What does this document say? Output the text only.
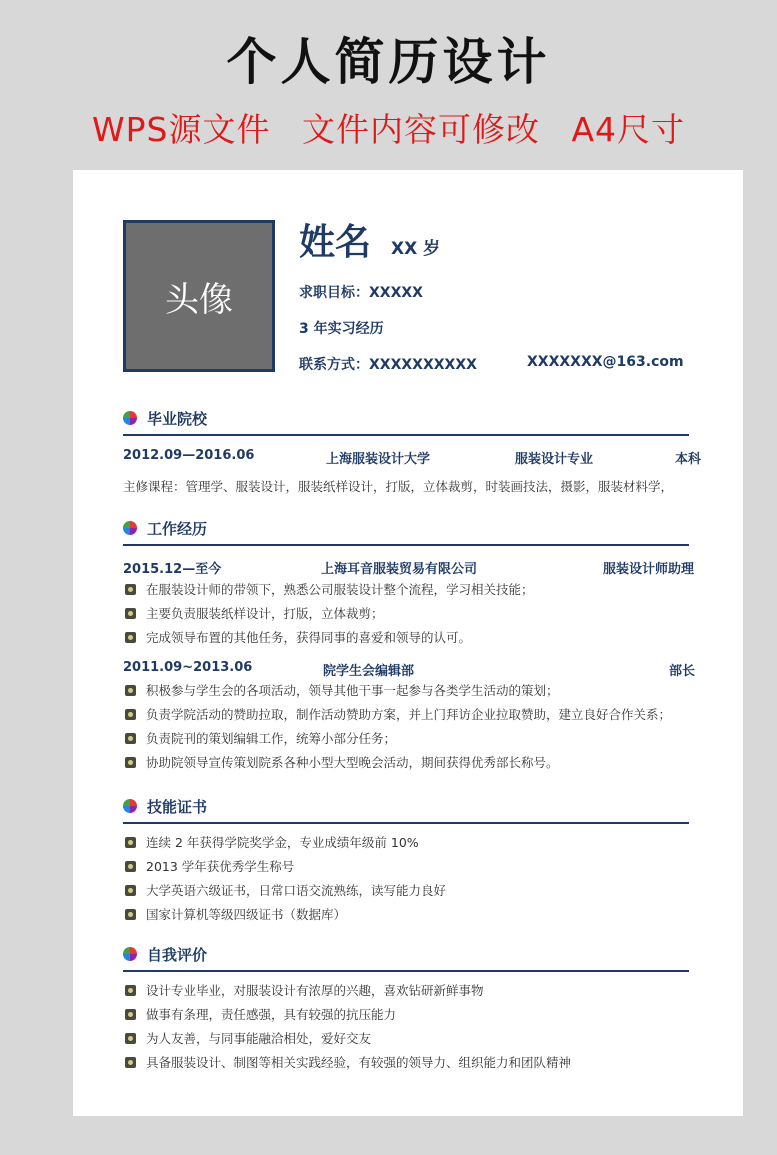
个人简历设计
WPS源文件 文件内容可修改 A4尺寸
头像
姓名 XX 岁
求职目标：XXXXX
3 年实习经历
联系方式：XXXXXXXXXX	XXXXXXX@163.com
毕业院校
2012.09—2016.06	上海服装设计大学	服装设计专业	本科
主修课程：管理学、服装设计，服装纸样设计，打版，立体裁剪，时装画技法，摄影，服装材料学，
工作经历
2015.12—至今	上海耳音服装贸易有限公司	服装设计师助理
在服装设计师的带领下，熟悉公司服装设计整个流程，学习相关技能；
主要负责服装纸样设计，打版，立体裁剪；
完成领导布置的其他任务，获得同事的喜爱和领导的认可。
2011.09~2013.06	院学生会编辑部	部长
积极参与学生会的各项活动，领导其他干事一起参与各类学生活动的策划；
负责学院活动的赞助拉取，制作活动赞助方案，并上门拜访企业拉取赞助，建立良好合作关系；
负责院刊的策划编辑工作，统筹小部分任务；
协助院领导宣传策划院系各种小型大型晚会活动，期间获得优秀部长称号。
技能证书
连续 2 年获得学院奖学金，专业成绩年级前 10%
2013 学年获优秀学生称号
大学英语六级证书，日常口语交流熟练，读写能力良好
国家计算机等级四级证书（数据库）
自我评价
设计专业毕业，对服装设计有浓厚的兴趣，喜欢钻研新鲜事物
做事有条理，责任感强，具有较强的抗压能力
为人友善，与同事能融洽相处，爱好交友
具备服装设计、制图等相关实践经验，有较强的领导力、组织能力和团队精神
